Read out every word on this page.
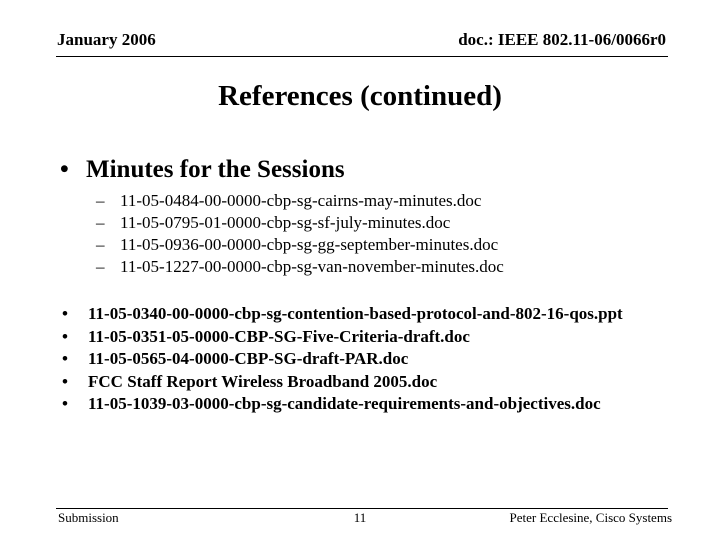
January 2006	doc.: IEEE 802.11-06/0066r0
References (continued)
• Minutes for the Sessions
– 11-05-0484-00-0000-cbp-sg-cairns-may-minutes.doc
– 11-05-0795-01-0000-cbp-sg-sf-july-minutes.doc
– 11-05-0936-00-0000-cbp-sg-gg-september-minutes.doc
– 11-05-1227-00-0000-cbp-sg-van-november-minutes.doc
•	11-05-0340-00-0000-cbp-sg-contention-based-protocol-and-802-16-qos.ppt
•	11-05-0351-05-0000-CBP-SG-Five-Criteria-draft.doc
•	11-05-0565-04-0000-CBP-SG-draft-PAR.doc
•	FCC Staff Report Wireless Broadband 2005.doc
•	11-05-1039-03-0000-cbp-sg-candidate-requirements-and-objectives.doc
Submission	11	Peter Ecclesine, Cisco Systems
